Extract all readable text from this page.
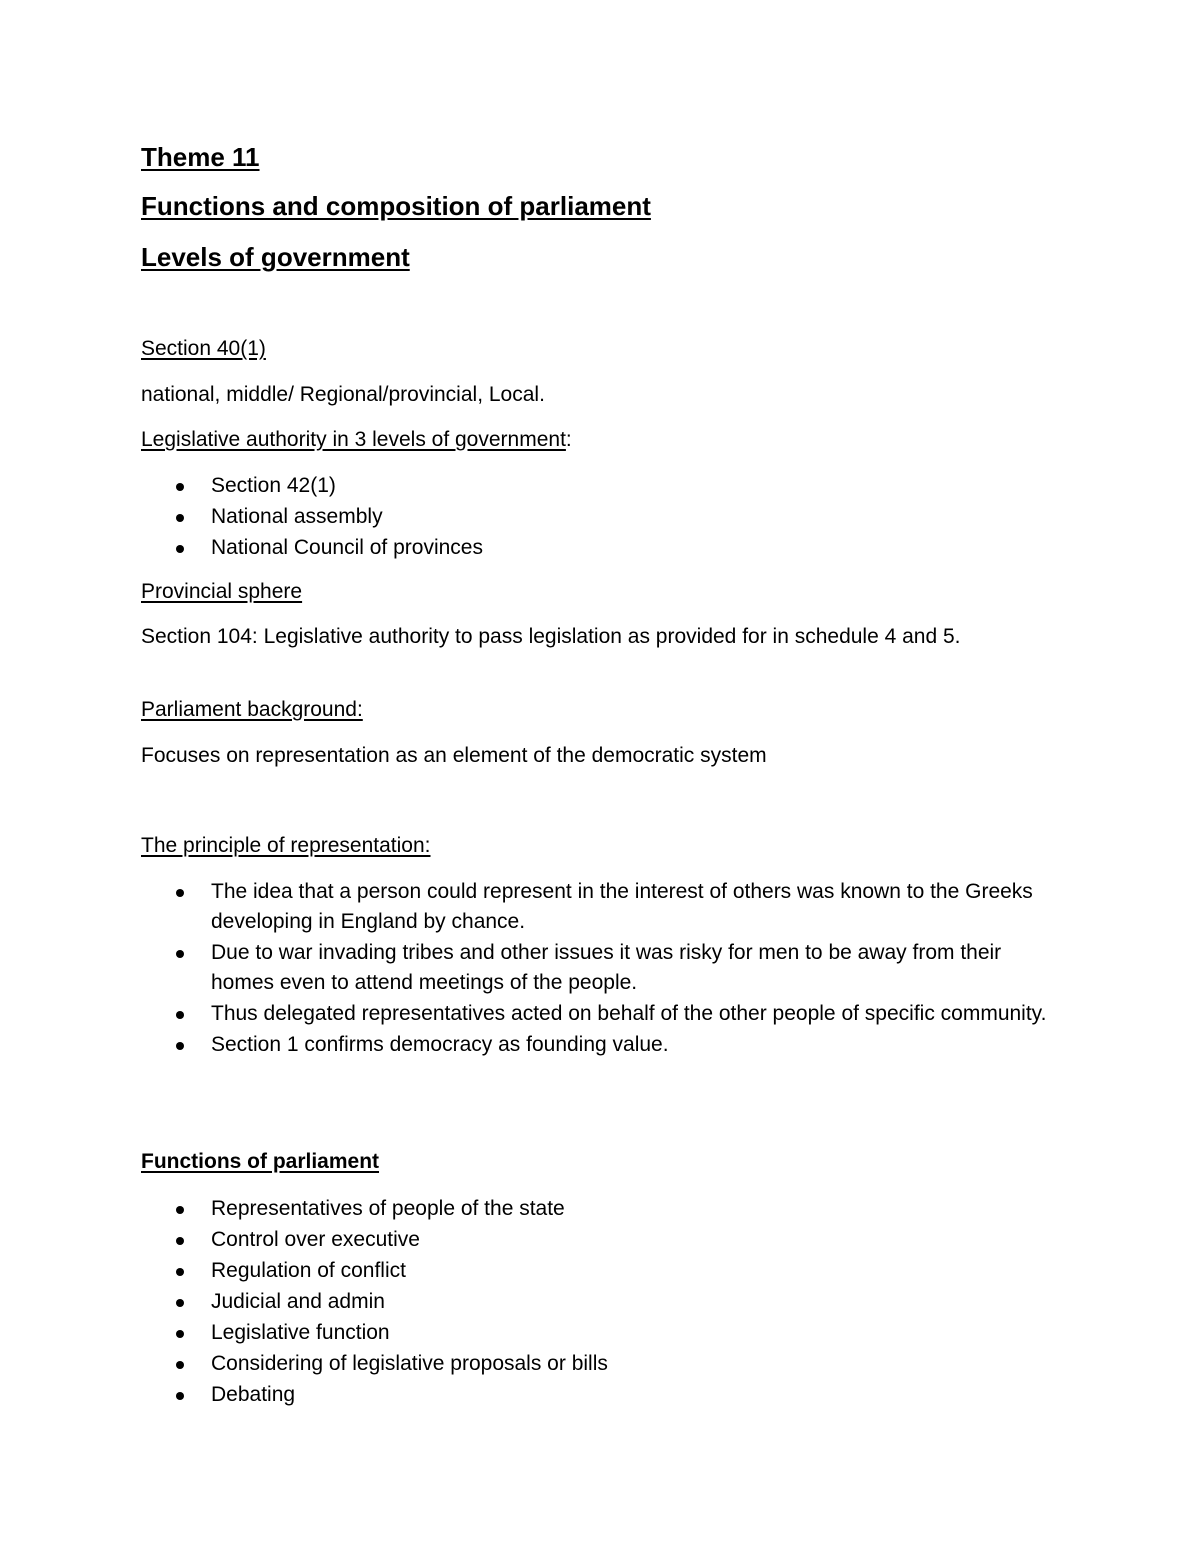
Theme 11
Functions and composition of parliament
Levels of government
Section 40(1)
national, middle/ Regional/provincial, Local.
Legislative authority in 3 levels of government:
Section 42(1)
National assembly
National Council of provinces
Provincial sphere
Section 104: Legislative authority to pass legislation as provided for in schedule 4 and 5.
Parliament background:
Focuses on representation as an element of the democratic system
The principle of representation:
The idea that a person could represent in the interest of others was known to the Greeks developing in England by chance.
Due to war invading tribes and other issues it was risky for men to be away from their homes even to attend meetings of the people.
Thus delegated representatives acted on behalf of the other people of specific community.
Section 1 confirms democracy as founding value.
Functions of parliament
Representatives of people of the state
Control over executive
Regulation of conflict
Judicial and admin
Legislative function
Considering of legislative proposals or bills
Debating
